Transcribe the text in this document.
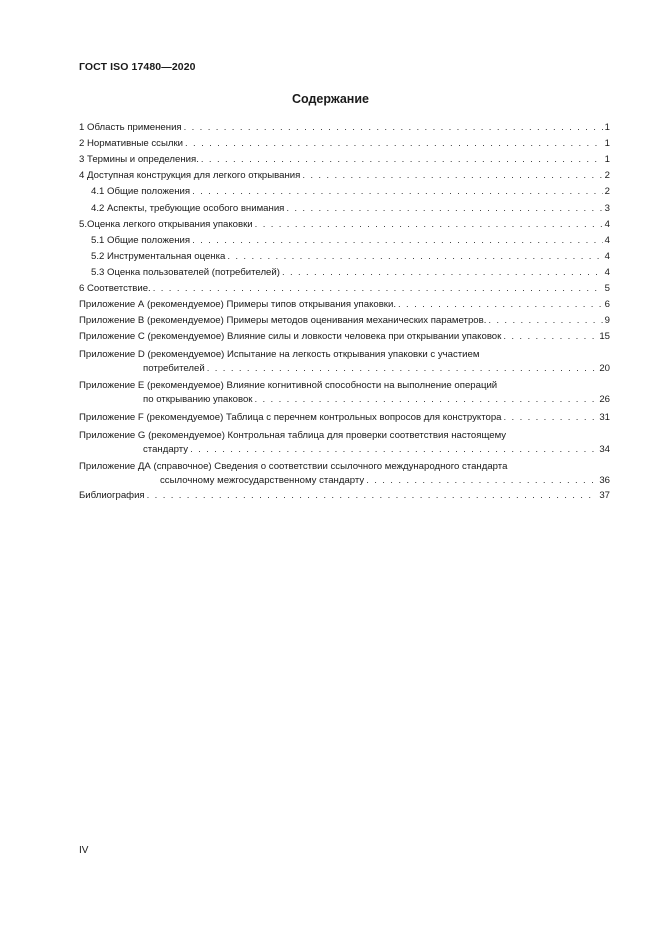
ГОСТ ISO 17480—2020
Содержание
1 Область применения . . .	1
2 Нормативные ссылки . . .	1
3 Термины и определения. . . .	1
4 Доступная конструкция для легкого открывания . . .	2
4.1 Общие положения . . .	2
4.2 Аспекты, требующие особого внимания . . .	3
5.Оценка легкого открывания упаковки . . .	4
5.1 Общие положения . . .	4
5.2 Инструментальная оценка . . .	4
5.3 Оценка пользователей (потребителей) . . .	4
6 Соответствие. . . .	5
Приложение А (рекомендуемое) Примеры типов открывания упаковки. . . .	6
Приложение В (рекомендуемое) Примеры методов оценивания механических параметров. . . .	9
Приложение С (рекомендуемое) Влияние силы и ловкости человека при открывании упаковок . . .	15
Приложение D (рекомендуемое) Испытание на легкость открывания упаковки с участием
потребителей . . .	20
Приложение Е (рекомендуемое) Влияние когнитивной способности на выполнение операций
по открыванию упаковок . . .	26
Приложение F (рекомендуемое) Таблица с перечнем контрольных вопросов для конструктора . . .	31
Приложение G (рекомендуемое) Контрольная таблица для проверки соответствия настоящему
стандарту . . .	34
Приложение ДА (справочное) Сведения о соответствии ссылочного международного стандарта
ссылочному межгосударственному стандарту . . .	36
Библиография . . .	37
IV
